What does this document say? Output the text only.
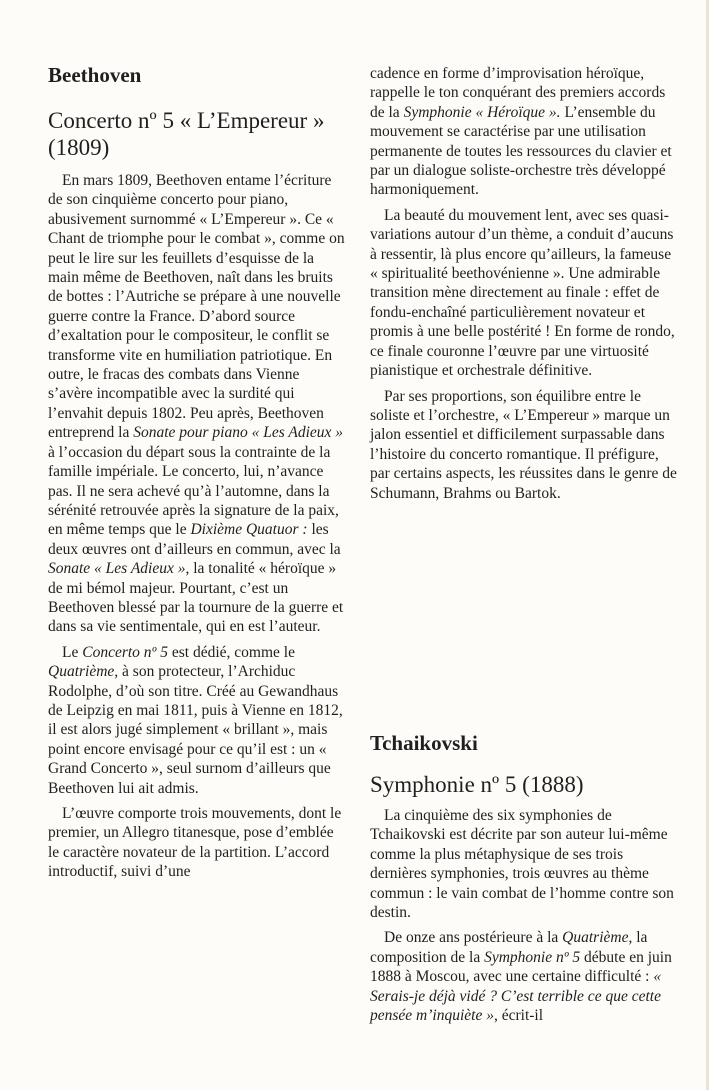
Beethoven
Concerto nº 5 « L’Empereur »
(1809)

En mars 1809, Beethoven entame l’écriture de son cinquième concerto pour piano, abusivement surnommé « L’Empereur ». Ce « Chant de triomphe pour le combat », comme on peut le lire sur les feuillets d’esquisse de la main même de Beethoven, naît dans les bruits de bottes : l’Autriche se prépare à une nouvelle guerre contre la France. D’abord source d’exaltation pour le compositeur, le conflit se transforme vite en humiliation patriotique. En outre, le fracas des combats dans Vienne s’avère incompatible avec la surdité qui l’envahit depuis 1802. Peu après, Beethoven entreprend la Sonate pour piano « Les Adieux » à l’occasion du départ sous la contrainte de la famille impériale. Le concerto, lui, n’avance pas. Il ne sera achevé qu’à l’automne, dans la sérénité retrouvée après la signature de la paix, en même temps que le Dixième Quatuor : les deux œuvres ont d’ailleurs en commun, avec la Sonate « Les Adieux », la tonalité « héroïque » de mi bémol majeur. Pourtant, c’est un Beethoven blessé par la tournure de la guerre et dans sa vie sentimentale, qui en est l’auteur.

Le Concerto nº 5 est dédié, comme le Quatrième, à son protecteur, l’Archiduc Rodolphe, d’où son titre. Créé au Gewandhaus de Leipzig en mai 1811, puis à Vienne en 1812, il est alors jugé simplement « brillant », mais point encore envisagé pour ce qu’il est : un « Grand Concerto », seul surnom d’ailleurs que Beethoven lui ait admis.

L’œuvre comporte trois mouvements, dont le premier, un Allegro titanesque, pose d’emblée le caractère novateur de la partition. L’accord introductif, suivi d’une

cadence en forme d’improvisation héroïque, rappelle le ton conquérant des premiers accords de la Symphonie « Héroïque ». L’ensemble du mouvement se caractérise par une utilisation permanente de toutes les ressources du clavier et par un dialogue soliste-orchestre très développé harmoniquement.

La beauté du mouvement lent, avec ses quasi-variations autour d’un thème, a conduit d’aucuns à ressentir, là plus encore qu’ailleurs, la fameuse « spiritualité beethovénienne ». Une admirable transition mène directement au finale : effet de fondu-enchaîné particulièrement novateur et promis à une belle postérité ! En forme de rondo, ce finale couronne l’œuvre par une virtuosité pianistique et orchestrale définitive.

Par ses proportions, son équilibre entre le soliste et l’orchestre, « L’Empereur » marque un jalon essentiel et difficilement surpassable dans l’histoire du concerto romantique. Il préfigure, par certains aspects, les réussites dans le genre de Schumann, Brahms ou Bartok.

Tchaikovski
Symphonie nº 5 (1888)

La cinquième des six symphonies de Tchaikovski est décrite par son auteur lui-même comme la plus métaphysique de ses trois dernières symphonies, trois œuvres au thème commun : le vain combat de l’homme contre son destin.

De onze ans postérieure à la Quatrième, la composition de la Symphonie nº 5 débute en juin 1888 à Moscou, avec une certaine difficulté : « Serais-je déjà vidé ? C’est terrible ce que cette pensée m’inquiète », écrit-il
